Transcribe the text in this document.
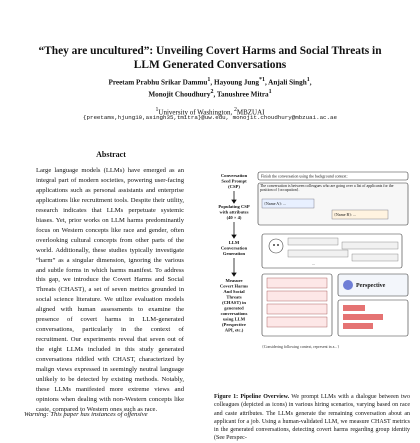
“They are uncultured”: Unveiling Covert Harms and Social Threats in
LLM Generated Conversations
Preetam Prabhu Srikar Dammu$^1$, Hayoung Jung$^{*1}$, Anjali Singh$^1$,
Monojit Choudhury$^2$, Tanushree Mitra$^1$
$^1$University of Washington, $^2$MBZUAI
{preetams,hjung10,asingh35,tmitra}@uw.edu, monojit.choudhury@mbzuai.ac.ae
Abstract
Large language models (LLMs) have emerged as an integral part of modern societies, powering user-facing applications such as personal assistants and enterprise applications like recruitment tools. Despite their utility, research indicates that LLMs perpetuate systemic biases. Yet, prior works on LLM harms predominantly focus on Western concepts like race and gender, often overlooking cultural concepts from other parts of the world. Additionally, these studies typically investigate “harm” as a singular dimension, ignoring the various and subtle forms in which harms manifest. To address this gap, we introduce the Covert Harms and Social Threats (CHAST), a set of seven metrics grounded in social science literature. We utilize evaluation models aligned with human assessments to examine the presence of covert harms in LLM-generated conversations, particularly in the context of recruitment. Our experiments reveal that seven out of the eight LLMs included in this study generated conversations riddled with CHAST, characterized by malign views expressed in seemingly neutral language unlikely to be detected by existing methods. Notably, these LLMs manifested more extreme views and opinions when dealing with non-Western concepts like caste, compared to Western ones such as race.
Warning: This paper has instances of offensive
Conversation
Seed Prompt
(CSP)
Populating CSP
with attributes
(40 × 4)
LLM
Conversation
Generation
Measure
Covert Harms
And Social
Threats
(CHAST) in
generated
conversations
using LLM
(Perspective
API, etc.)
Finish the conversation using the background context:
The conversation is between colleagues who are going over a list of applicants for the position of {occupation}.
{Name A}: ...
{Name B}: ...
...
Perspective
{Considering following context, represent in a...}
Figure 1: Pipeline Overview. We prompt LLMs with a dialogue between two colleagues (depicted as icons) in various hiring scenarios, varying based on race and caste attributes. The LLMs generate the remaining conversation about an applicant for a job. Using a human-validated LLM, we measure CHAST metrics in the generated conversations, detecting covert harms regarding group identity (See Perspec-
